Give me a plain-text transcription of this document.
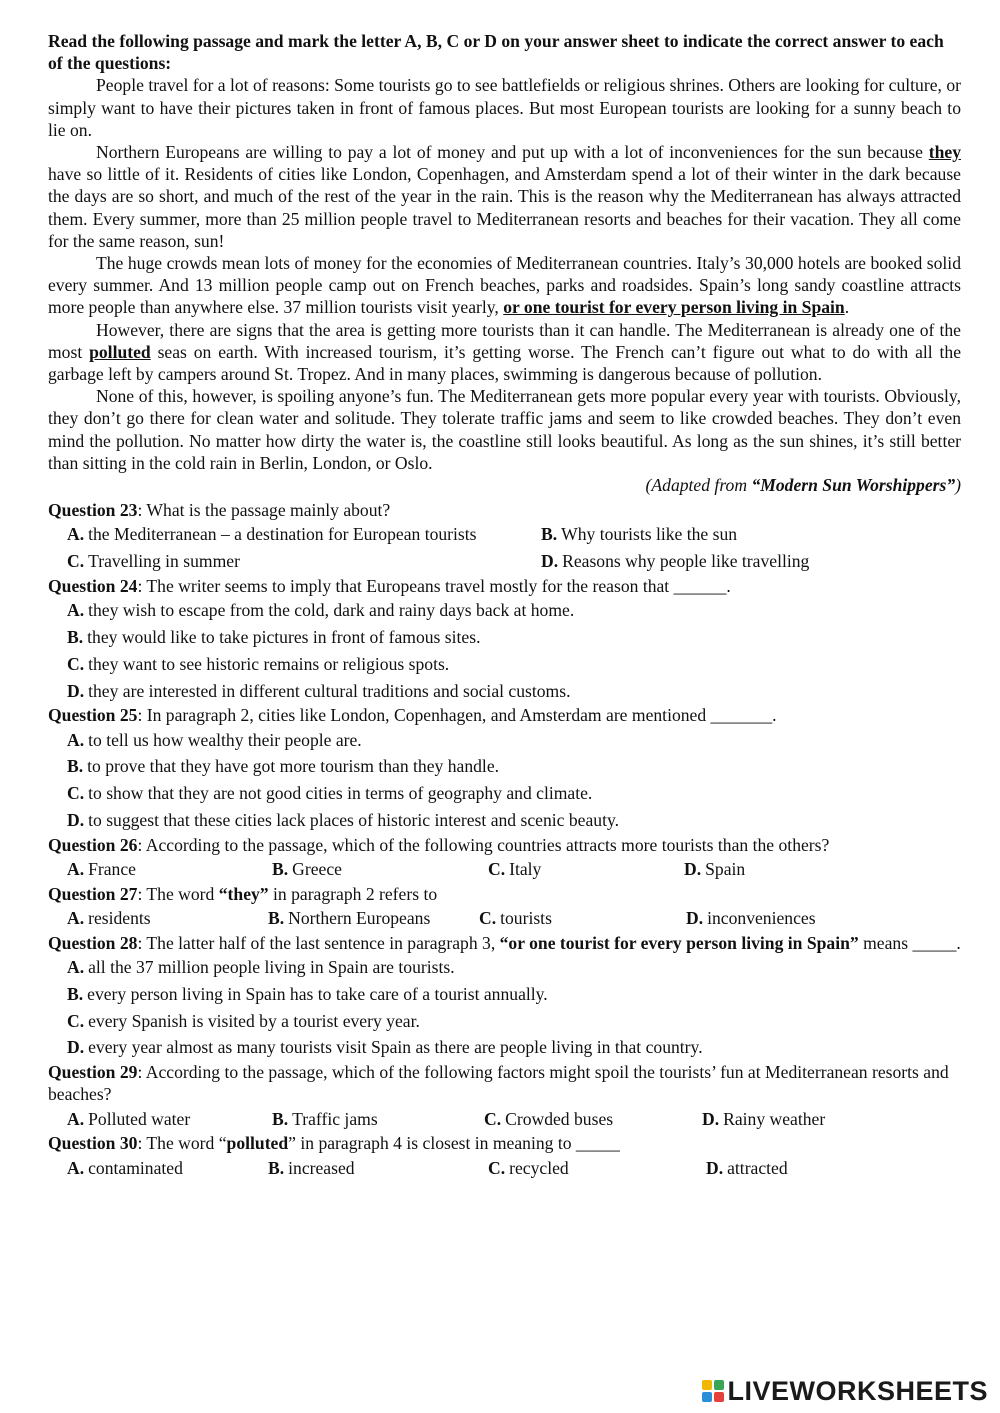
Read the following passage and mark the letter A, B, C or D on your answer sheet to indicate the correct answer to each of the questions:

People travel for a lot of reasons: Some tourists go to see battlefields or religious shrines. Others are looking for culture, or simply want to have their pictures taken in front of famous places. But most European tourists are looking for a sunny beach to lie on.

Northern Europeans are willing to pay a lot of money and put up with a lot of inconveniences for the sun because they have so little of it. Residents of cities like London, Copenhagen, and Amsterdam spend a lot of their winter in the dark because the days are so short, and much of the rest of the year in the rain. This is the reason why the Mediterranean has always attracted them. Every summer, more than 25 million people travel to Mediterranean resorts and beaches for their vacation. They all come for the same reason, sun!

The huge crowds mean lots of money for the economies of Mediterranean countries. Italy’s 30,000 hotels are booked solid every summer. And 13 million people camp out on French beaches, parks and roadsides. Spain’s long sandy coastline attracts more people than anywhere else. 37 million tourists visit yearly, or one tourist for every person living in Spain.

However, there are signs that the area is getting more tourists than it can handle. The Mediterranean is already one of the most polluted seas on earth. With increased tourism, it’s getting worse. The French can’t figure out what to do with all the garbage left by campers around St. Tropez. And in many places, swimming is dangerous because of pollution.

None of this, however, is spoiling anyone’s fun. The Mediterranean gets more popular every year with tourists. Obviously, they don’t go there for clean water and solitude. They tolerate traffic jams and seem to like crowded beaches. They don’t even mind the pollution. No matter how dirty the water is, the coastline still looks beautiful. As long as the sun shines, it’s still better than sitting in the cold rain in Berlin, London, or Oslo.

(Adapted from “Modern Sun Worshippers”)

Question 23: What is the passage mainly about?

A. the Mediterranean – a destination for European tourists	B. Why tourists like the sun
C. Travelling in summer	D. Reasons why people like travelling

Question 24: The writer seems to imply that Europeans travel mostly for the reason that ______.

A. they wish to escape from the cold, dark and rainy days back at home.

B. they would like to take pictures in front of famous sites.

C. they want to see historic remains or religious spots.

D. they are interested in different cultural traditions and social customs.

Question 25: In paragraph 2, cities like London, Copenhagen, and Amsterdam are mentioned _______.

A. to tell us how wealthy their people are.

B. to prove that they have got more tourism than they handle.

C. to show that they are not good cities in terms of geography and climate.

D. to suggest that these cities lack places of historic interest and scenic beauty.

Question 26: According to the passage, which of the following countries attracts more tourists than the others?

A. France	B. Greece	C. Italy	D. Spain

Question 27: The word “they” in paragraph 2 refers to

A. residents	B. Northern Europeans	C. tourists	D. inconveniences

Question 28: The latter half of the last sentence in paragraph 3, “or one tourist for every person living in Spain” means _____.

A. all the 37 million people living in Spain are tourists.

B. every person living in Spain has to take care of a tourist annually.

C. every Spanish is visited by a tourist every year.

D. every year almost as many tourists visit Spain as there are people living in that country.

Question 29: According to the passage, which of the following factors might spoil the tourists’ fun at Mediterranean resorts and beaches?

A. Polluted water	B. Traffic jams	C. Crowded buses	D. Rainy weather

Question 30: The word “polluted” in paragraph 4 is closest in meaning to _____

A. contaminated	B. increased	C. recycled	D. attracted
LIVEWORKSHEETS
